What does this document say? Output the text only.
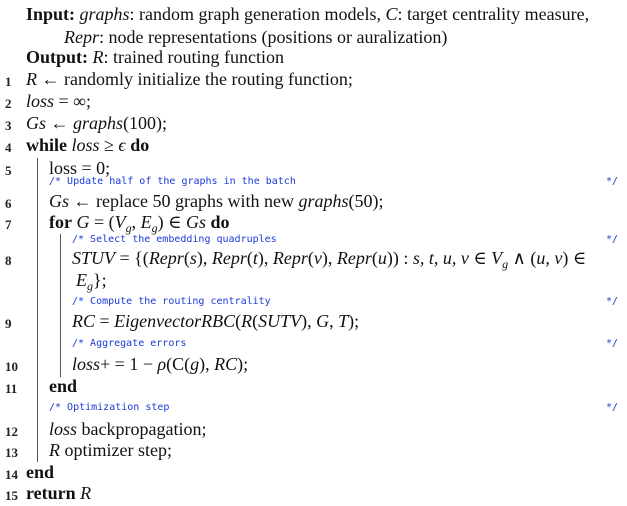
Input: graphs: random graph generation models, C: target centrality measure,
Repr: node representations (positions or auralization)
Output: R: trained routing function
1 R ← randomly initialize the routing function;
2 loss = ∞;
3 Gs ← graphs(100);
4 while loss ≥ ϵ do
5	loss = 0;
/* Update half of the graphs in the batch	*/
6	Gs ← replace 50 graphs with new graphs(50);
7	for $G = (V_g$, $E_g$) ∈ Gs do
/* Select the embedding quadruples	*/
8	STUV = {(Repr(s), Repr(t), Repr(v), Repr(u)) : s, t, u, v ∈ $V_g$ ∧ (u, v) ∈
$E_g$};
/* Compute the routing centrality	*/
9	RC = EigenvectorRBC(R(SUTV), G, T);
/* Aggregate errors	*/
10	loss+ = 1 − ρ(C(g), RC);
11 end
/* Optimization step	*/
12 loss backpropagation;
13 R optimizer step;
14 end
15 return R
